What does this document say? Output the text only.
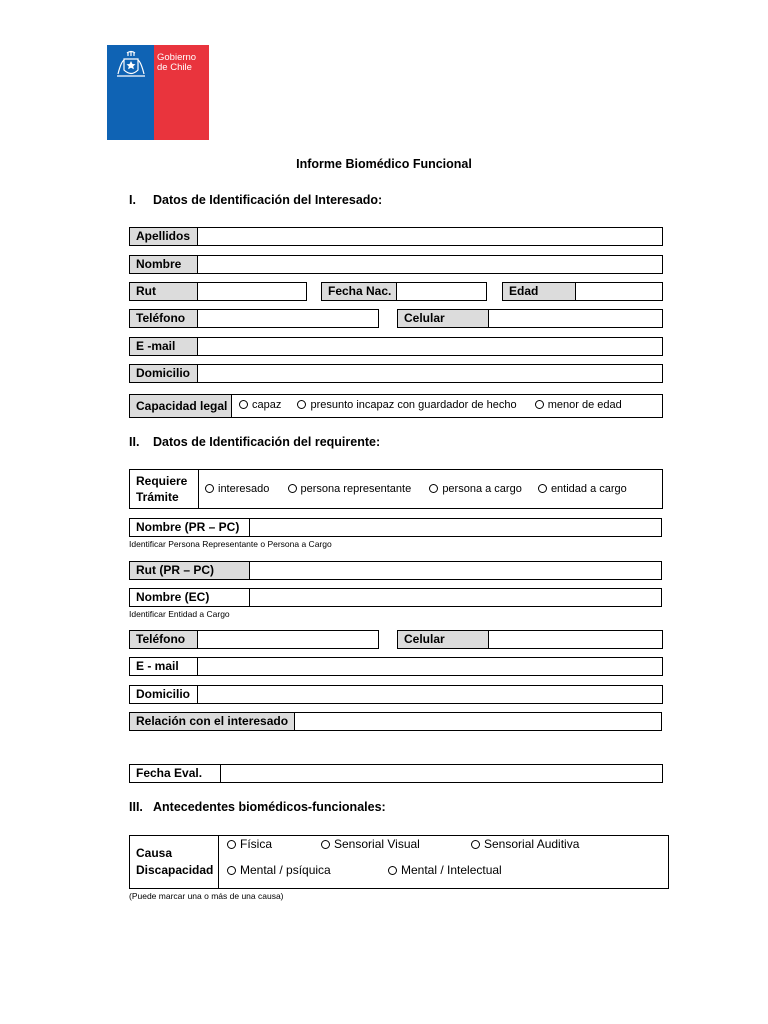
Gobierno
de Chile
Informe Biomédico Funcional
I. Datos de Identificación del Interesado:
Apellidos
Nombre
Rut	Fecha Nac.	Edad
Teléfono	Celular
E -mail
Domicilio
Capacidad legal	capaz	presunto incapaz con guardador de hecho	menor de edad
II. Datos de Identificación del requirente:
Requiere
Trámite
interesado	persona representante	persona a cargo	entidad a cargo
Nombre (PR – PC)
Identificar Persona Representante o Persona a Cargo
Rut (PR – PC)
Nombre (EC)
Identificar Entidad a Cargo
Teléfono	Celular
E - mail
Domicilio
Relación con el interesado
Fecha Eval.
III. Antecedentes biomédicos-funcionales:
Causa
Discapacidad
Física	Sensorial Visual	Sensorial Auditiva
Mental / psíquica	Mental / Intelectual
(Puede marcar una o más de una causa)
